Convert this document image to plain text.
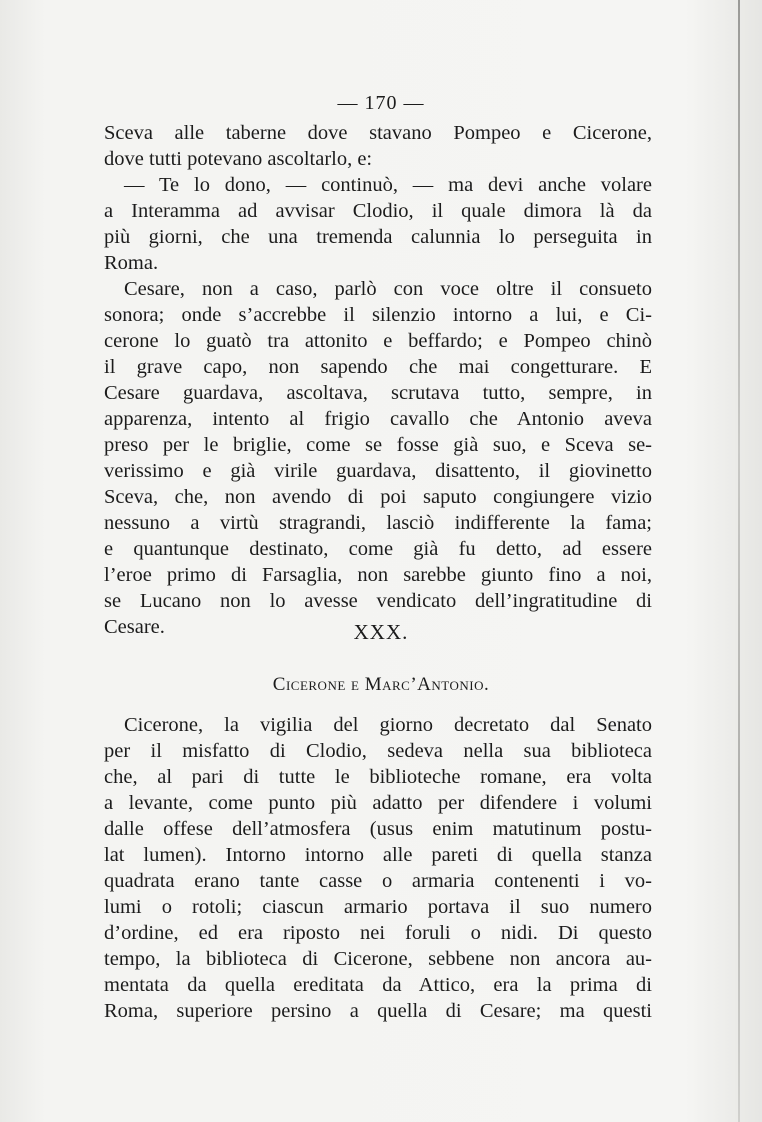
— 170 —
Sceva alle taberne dove stavano Pompeo e Cicerone,
dove tutti potevano ascoltarlo, e:
— Te lo dono, — continuò, — ma devi anche volare
a Interamma ad avvisar Clodio, il quale dimora là da
più giorni, che una tremenda calunnia lo perseguita in
Roma.
Cesare, non a caso, parlò con voce oltre il consueto
sonora; onde s’accrebbe il silenzio intorno a lui, e Ci-
cerone lo guatò tra attonito e beffardo; e Pompeo chinò
il grave capo, non sapendo che mai congetturare. E
Cesare guardava, ascoltava, scrutava tutto, sempre, in
apparenza, intento al frigio cavallo che Antonio aveva
preso per le briglie, come se fosse già suo, e Sceva se-
verissimo e già virile guardava, disattento, il giovinetto
Sceva, che, non avendo di poi saputo congiungere vizio
nessuno a virtù stragrandi, lasciò indifferente la fama;
e quantunque destinato, come già fu detto, ad essere
l’eroe primo di Farsaglia, non sarebbe giunto fino a noi,
se Lucano non lo avesse vendicato dell’ingratitudine di
Cesare.	XXX.
Cicerone e Marc’Antonio.
Cicerone, la vigilia del giorno decretato dal Senato
per il misfatto di Clodio, sedeva nella sua biblioteca
che, al pari di tutte le biblioteche romane, era volta
a levante, come punto più adatto per difendere i volumi
dalle offese dell’atmosfera (usus enim matutinum postu-
lat lumen). Intorno intorno alle pareti di quella stanza
quadrata erano tante casse o armaria contenenti i vo-
lumi o rotoli; ciascun armario portava il suo numero
d’ordine, ed era riposto nei foruli o nidi. Di questo
tempo, la biblioteca di Cicerone, sebbene non ancora au-
mentata da quella ereditata da Attico, era la prima di
Roma, superiore persino a quella di Cesare; ma questi
